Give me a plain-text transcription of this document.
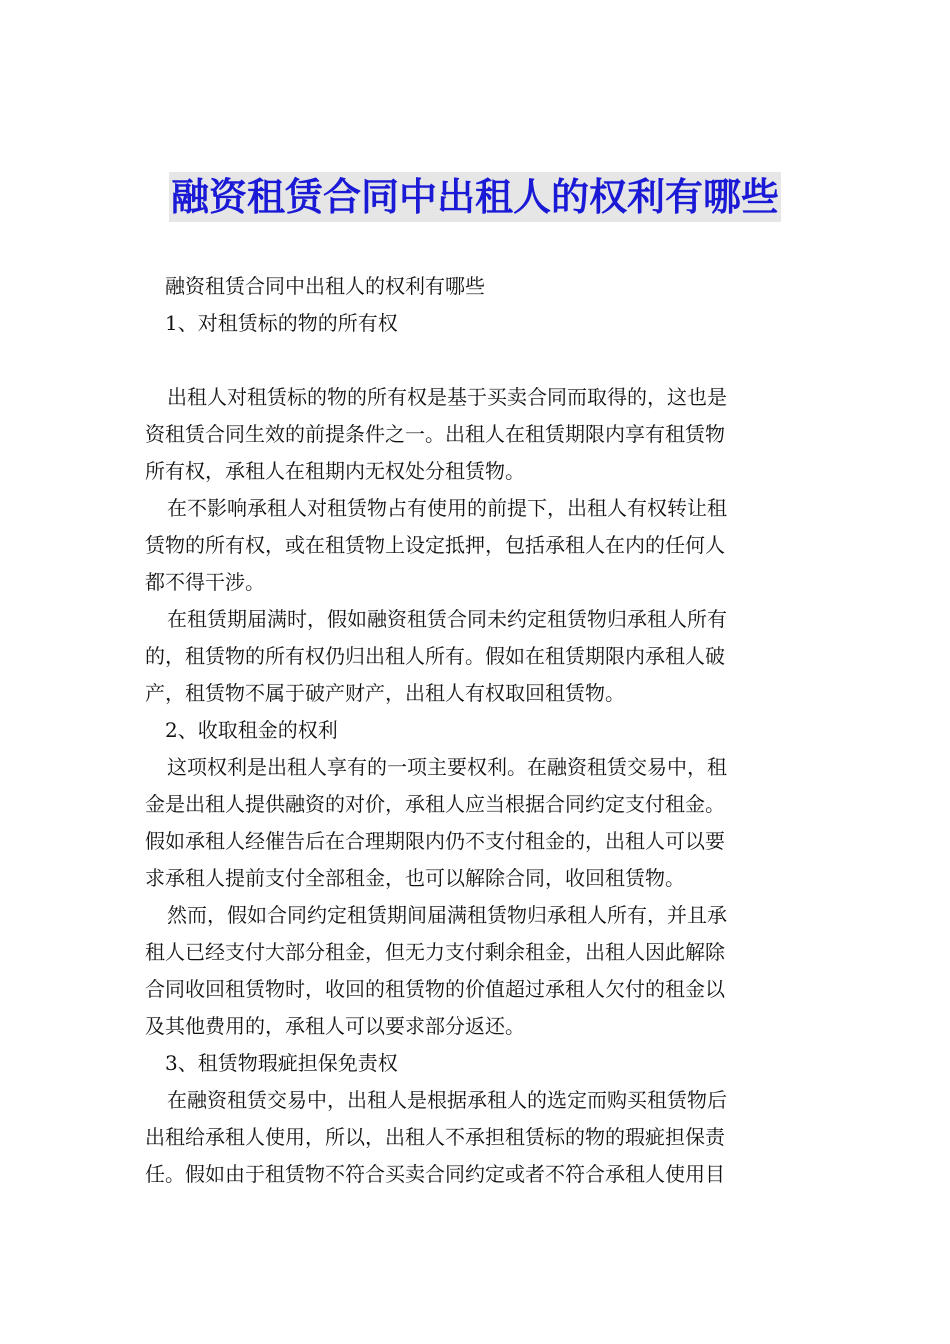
融资租赁合同中出租人的权利有哪些
融资租赁合同中出租人的权利有哪些
1、对租赁标的物的所有权
出租人对租赁标的物的所有权是基于买卖合同而取得的，这也是
资租赁合同生效的前提条件之一。出租人在租赁期限内享有租赁物
所有权，承租人在租期内无权处分租赁物。
在不影响承租人对租赁物占有使用的前提下，出租人有权转让租
赁物的所有权，或在租赁物上设定抵押，包括承租人在内的任何人
都不得干涉。
在租赁期届满时，假如融资租赁合同未约定租赁物归承租人所有
的，租赁物的所有权仍归出租人所有。假如在租赁期限内承租人破
产，租赁物不属于破产财产，出租人有权取回租赁物。
2、收取租金的权利
这项权利是出租人享有的一项主要权利。在融资租赁交易中，租
金是出租人提供融资的对价，承租人应当根据合同约定支付租金。
假如承租人经催告后在合理期限内仍不支付租金的，出租人可以要
求承租人提前支付全部租金，也可以解除合同，收回租赁物。
然而，假如合同约定租赁期间届满租赁物归承租人所有，并且承
租人已经支付大部分租金，但无力支付剩余租金，出租人因此解除
合同收回租赁物时，收回的租赁物的价值超过承租人欠付的租金以
及其他费用的，承租人可以要求部分返还。
3、租赁物瑕疵担保免责权
在融资租赁交易中，出租人是根据承租人的选定而购买租赁物后
出租给承租人使用，所以，出租人不承担租赁标的物的瑕疵担保责
任。假如由于租赁物不符合买卖合同约定或者不符合承租人使用目
